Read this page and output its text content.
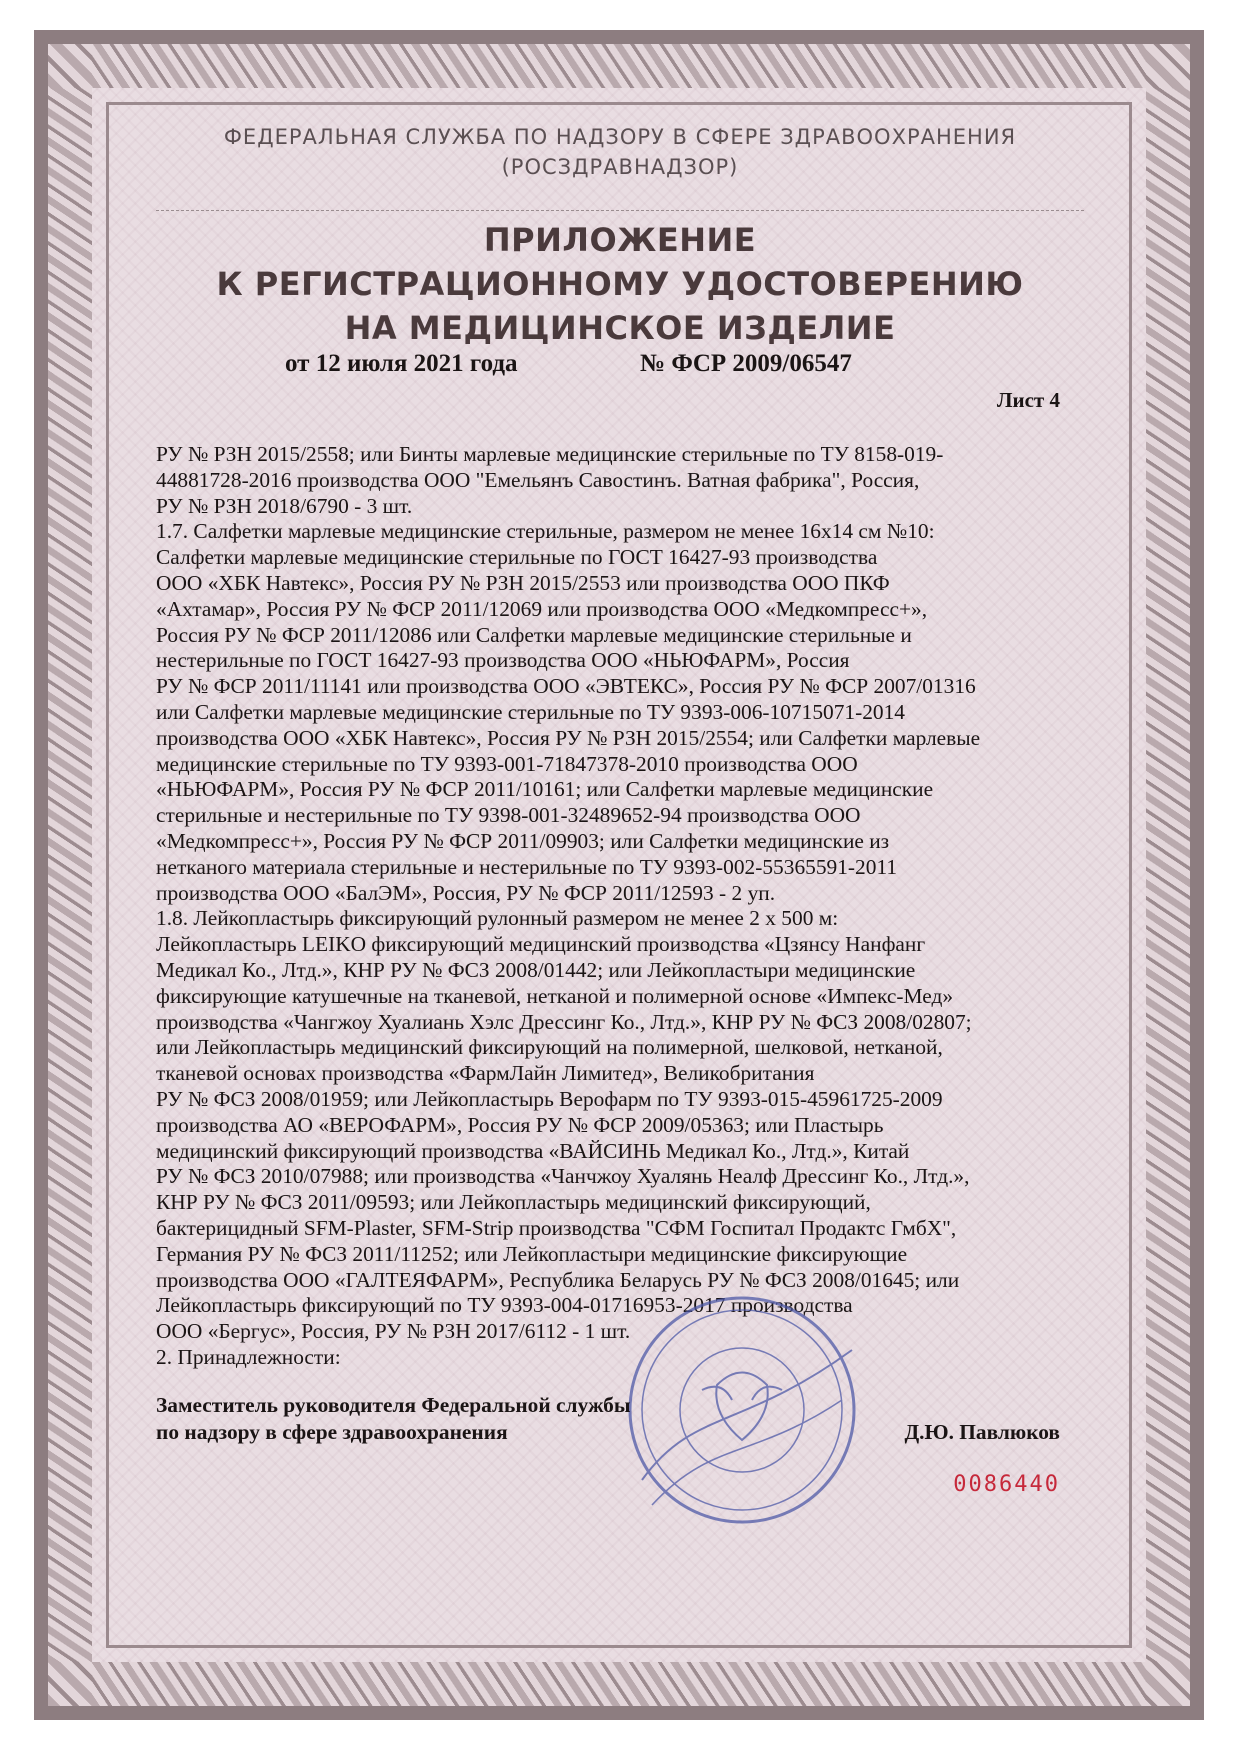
ФЕДЕРАЛЬНАЯ СЛУЖБА ПО НАДЗОРУ В СФЕРЕ ЗДРАВООХРАНЕНИЯ
(РОСЗДРАВНАДЗОР)
ПРИЛОЖЕНИЕ
К РЕГИСТРАЦИОННОМУ УДОСТОВЕРЕНИЮ
НА МЕДИЦИНСКОЕ ИЗДЕЛИЕ
от 12 июля 2021 года	№ ФСР 2009/06547
Лист 4
РУ № РЗН 2015/2558; или Бинты марлевые медицинские стерильные по ТУ 8158-019-
44881728-2016 производства ООО "Емельянъ Савостинъ. Ватная фабрика", Россия,
РУ № РЗН 2018/6790 - 3 шт.
1.7. Салфетки марлевые медицинские стерильные, размером не менее 16х14 см №10:
Салфетки марлевые медицинские стерильные по ГОСТ 16427-93 производства
ООО «ХБК Навтекс», Россия РУ № РЗН 2015/2553 или производства ООО ПКФ
«Ахтамар», Россия РУ № ФСР 2011/12069 или производства ООО «Медкомпресс+»,
Россия РУ № ФСР 2011/12086 или Салфетки марлевые медицинские стерильные и
нестерильные по ГОСТ 16427-93 производства ООО «НЬЮФАРМ», Россия
РУ № ФСР 2011/11141 или производства ООО «ЭВТЕКС», Россия РУ № ФСР 2007/01316
или Салфетки марлевые медицинские стерильные по ТУ 9393-006-10715071-2014
производства ООО «ХБК Навтекс», Россия РУ № РЗН 2015/2554; или Салфетки марлевые
медицинские стерильные по ТУ 9393-001-71847378-2010 производства ООО
«НЬЮФАРМ», Россия РУ № ФСР 2011/10161; или Салфетки марлевые медицинские
стерильные и нестерильные по ТУ 9398-001-32489652-94 производства ООО
«Медкомпресс+», Россия РУ № ФСР 2011/09903; или Салфетки медицинские из
нетканого материала стерильные и нестерильные по ТУ 9393-002-55365591-2011
производства ООО «БалЭМ», Россия, РУ № ФСР 2011/12593 - 2 уп.
1.8. Лейкопластырь фиксирующий рулонный размером не менее 2 х 500 м:
Лейкопластырь LEIKO фиксирующий медицинский производства «Цзянсу Нанфанг
Медикал Ко., Лтд.», КНР РУ № ФСЗ 2008/01442; или Лейкопластыри медицинские
фиксирующие катушечные на тканевой, нетканой и полимерной основе «Импекс-Мед»
производства «Чангжоу Хуалиань Хэлс Дрессинг Ко., Лтд.», КНР РУ № ФСЗ 2008/02807;
или Лейкопластырь медицинский фиксирующий на полимерной, шелковой, нетканой,
тканевой основах производства «ФармЛайн Лимитед», Великобритания
РУ № ФСЗ 2008/01959; или Лейкопластырь Верофарм по ТУ 9393-015-45961725-2009
производства АО «ВЕРОФАРМ», Россия РУ № ФСР 2009/05363; или Пластырь
медицинский фиксирующий производства «ВАЙСИНЬ Медикал Ко., Лтд.», Китай
РУ № ФСЗ 2010/07988; или производства «Чанчжоу Хуалянь Неалф Дрессинг Ко., Лтд.»,
КНР РУ № ФСЗ 2011/09593; или Лейкопластырь медицинский фиксирующий,
бактерицидный SFM-Plaster, SFM-Strip производства "СФМ Госпитал Продактс ГмбХ",
Германия РУ № ФСЗ 2011/11252; или Лейкопластыри медицинские фиксирующие
производства ООО «ГАЛТЕЯФАРМ», Республика Беларусь РУ № ФСЗ 2008/01645; или
Лейкопластырь фиксирующий по ТУ 9393-004-01716953-2017 производства
ООО «Бергус», Россия, РУ № РЗН 2017/6112 - 1 шт.
2. Принадлежности:
Заместитель руководителя Федеральной службы
по надзору в сфере здравоохранения	Д.Ю. Павлюков
0086440
